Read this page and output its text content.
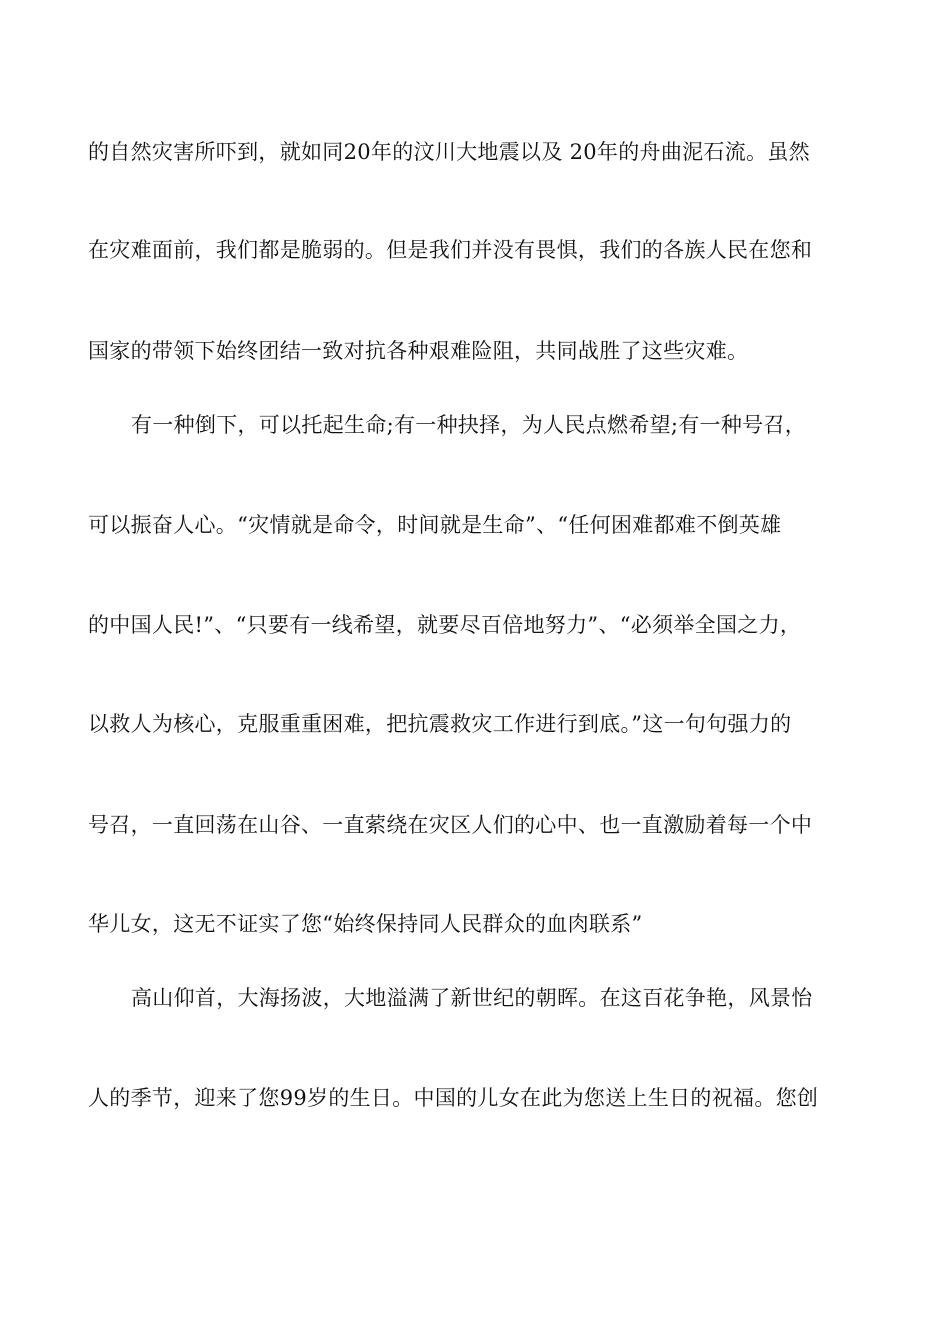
的自然灾害所吓到，就如同20年的汶川大地震以及 20年的舟曲泥石流。虽然
在灾难面前，我们都是脆弱的。但是我们并没有畏惧，我们的各族人民在您和
国家的带领下始终团结一致对抗各种艰难险阻，共同战胜了这些灾难。
有一种倒下，可以托起生命;有一种抉择，为人民点燃希望;有一种号召，
可以振奋人心。“灾情就是命令，时间就是生命”、“任何困难都难不倒英雄
的中国人民!”、“只要有一线希望，就要尽百倍地努力”、“必须举全国之力，
以救人为核心，克服重重困难，把抗震救灾工作进行到底。”这一句句强力的
号召，一直回荡在山谷、一直萦绕在灾区人们的心中、也一直激励着每一个中
华儿女，这无不证实了您“始终保持同人民群众的血肉联系”
高山仰首，大海扬波，大地溢满了新世纪的朝晖。在这百花争艳，风景怡
人的季节，迎来了您99岁的生日。中国的儿女在此为您送上生日的祝福。您创
